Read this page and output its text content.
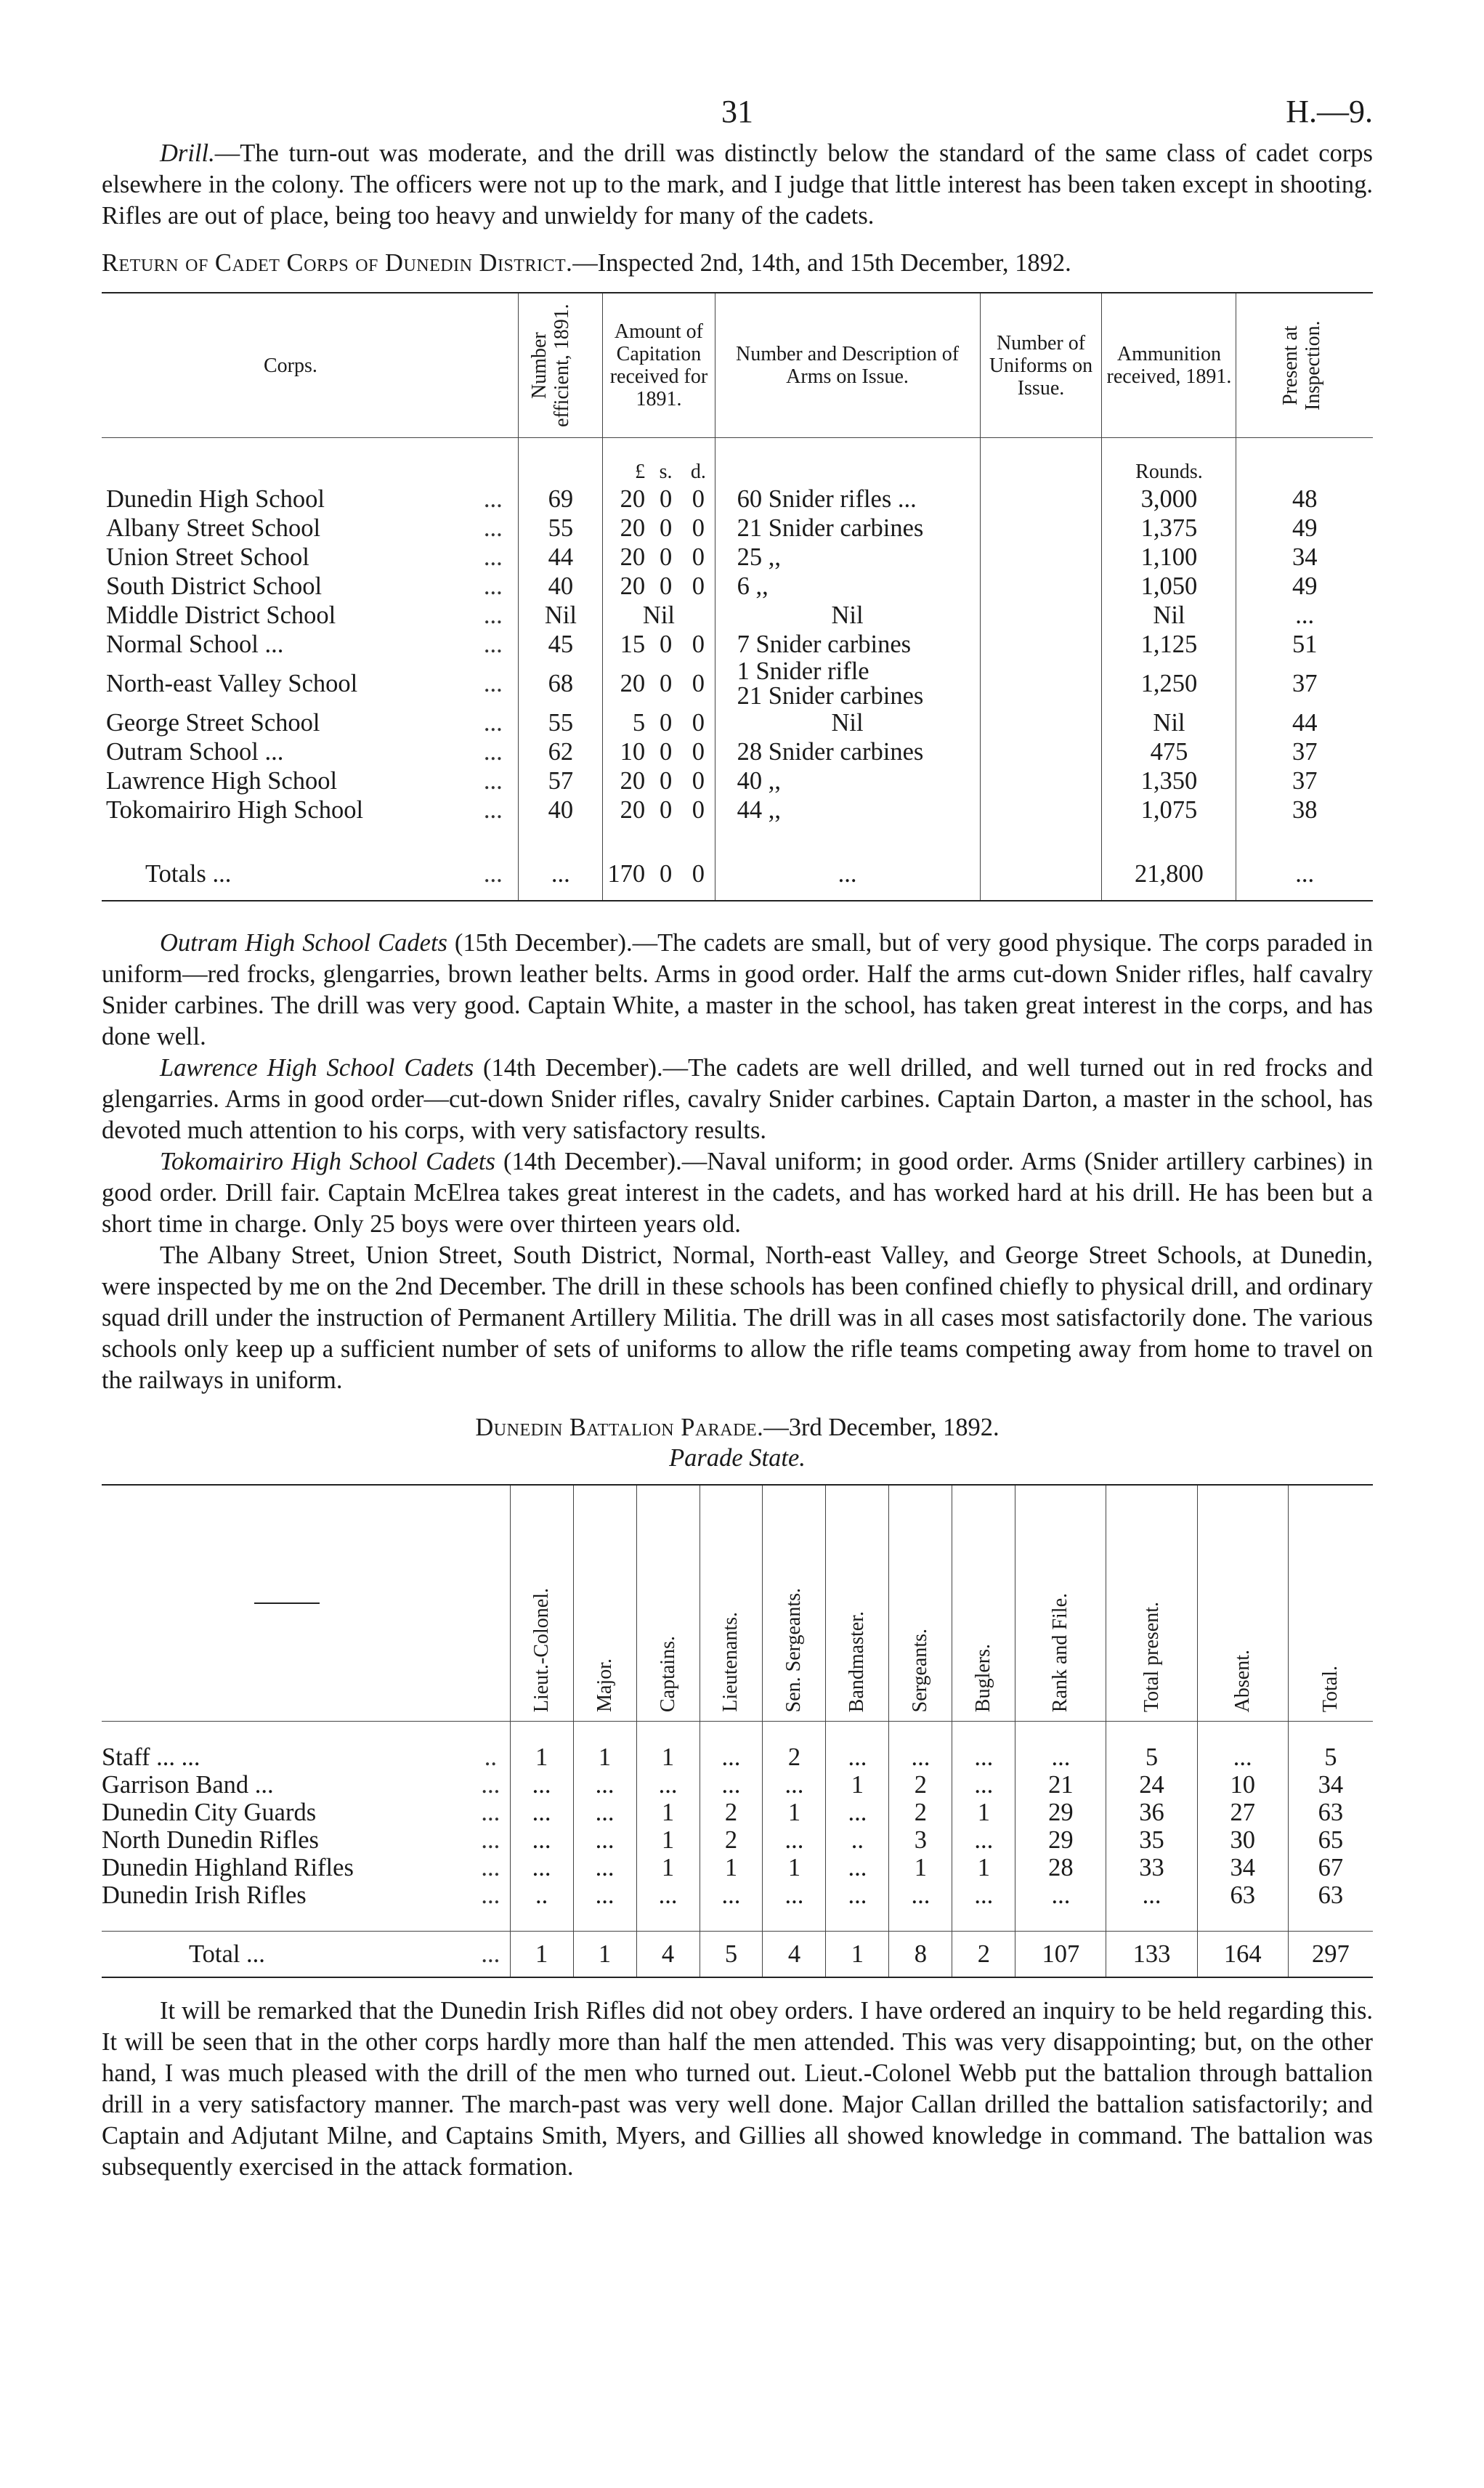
31	H.—9.

Drill.—The turn-out was moderate, and the drill was distinctly below the standard of the same class of cadet corps elsewhere in the colony. The officers were not up to the mark, and I judge that little interest has been taken except in shooting. Rifles are out of place, being too heavy and unwieldy for many of the cadets.

Return of Cadet Corps of Dunedin District.—Inspected 2nd, 14th, and 15th December, 1892.
Corps.		Number efficient, 1891.	Amount of Capitation received for 1891.			Number and Description of Arms on Issue.	Number of Uniforms on Issue.	Ammunition received, 1891.	Present at Inspection.

			£	s.	d.			Rounds.	
Dunedin High School	...	69	20	0	0	60 Snider rifles ...		3,000	48
Albany Street School	...	55	20	0	0	21 Snider carbines		1,375	49
Union Street School	...	44	20	0	0	25 ,,		1,100	34
South District School	...	40	20	0	0	6 ,,		1,050	49
Middle District School	...	Nil	Nil			Nil		Nil	...
Normal School ...	...	45	15	0	0	7 Snider carbines		1,125	51
North-east Valley School	...	68	20	0	0	1 Snider rifle
21 Snider carbines		1,250	37
George Street School	...	55	5	0	0	Nil		Nil	44
Outram School ...	...	62	10	0	0	28 Snider carbines		475	37
Lawrence High School	...	57	20	0	0	40 ,,		1,350	37
Tokomairiro High School	...	40	20	0	0	44 ,,		1,075	38

Totals ...	...	...	170	0	0	...		21,800	...

Outram High School Cadets (15th December).—The cadets are small, but of very good physique. The corps paraded in uniform—red frocks, glengarries, brown leather belts. Arms in good order. Half the arms cut-down Snider rifles, half cavalry Snider carbines. The drill was very good. Captain White, a master in the school, has taken great interest in the corps, and has done well.

Lawrence High School Cadets (14th December).—The cadets are well drilled, and well turned out in red frocks and glengarries. Arms in good order—cut-down Snider rifles, cavalry Snider carbines. Captain Darton, a master in the school, has devoted much attention to his corps, with very satisfactory results.

Tokomairiro High School Cadets (14th December).—Naval uniform; in good order. Arms (Snider artillery carbines) in good order. Drill fair. Captain McElrea takes great interest in the cadets, and has worked hard at his drill. He has been but a short time in charge. Only 25 boys were over thirteen years old.

The Albany Street, Union Street, South District, Normal, North-east Valley, and George Street Schools, at Dunedin, were inspected by me on the 2nd December. The drill in these schools has been confined chiefly to physical drill, and ordinary squad drill under the instruction of Permanent Artillery Militia. The drill was in all cases most satisfactorily done. The various schools only keep up a sufficient number of sets of uniforms to allow the rifle teams competing away from home to travel on the railways in uniform.

Dunedin Battalion Parade.—3rd December, 1892.
Parade State.

		Lieut.-Colonel.	Major.	Captains.	Lieutenants.	Sen. Sergeants.	Bandmaster.	Sergeants.	Buglers.	Rank and File.	Total present.	Absent.	Total.

Staff ... ...	..	1	1	1	...	2	...	...	...	...	5	...	5
Garrison Band ...	...	...	...	...	...	...	1	2	...	21	24	10	34
Dunedin City Guards	...	...	...	1	2	1	...	2	1	29	36	27	63
North Dunedin Rifles	...	...	...	1	2	...	..	3	...	29	35	30	65
Dunedin Highland Rifles	...	...	...	1	1	1	...	1	1	28	33	34	67
Dunedin Irish Rifles	...	..	...	...	...	...	...	...	...	...	...	63	63

Total ...	...	1	1	4	5	4	1	8	2	107	133	164	297

It will be remarked that the Dunedin Irish Rifles did not obey orders. I have ordered an inquiry to be held regarding this. It will be seen that in the other corps hardly more than half the men attended. This was very disappointing; but, on the other hand, I was much pleased with the drill of the men who turned out. Lieut.-Colonel Webb put the battalion through battalion drill in a very satisfactory manner. The march-past was very well done. Major Callan drilled the battalion satisfactorily; and Captain and Adjutant Milne, and Captains Smith, Myers, and Gillies all showed knowledge in command. The battalion was subsequently exercised in the attack formation.
